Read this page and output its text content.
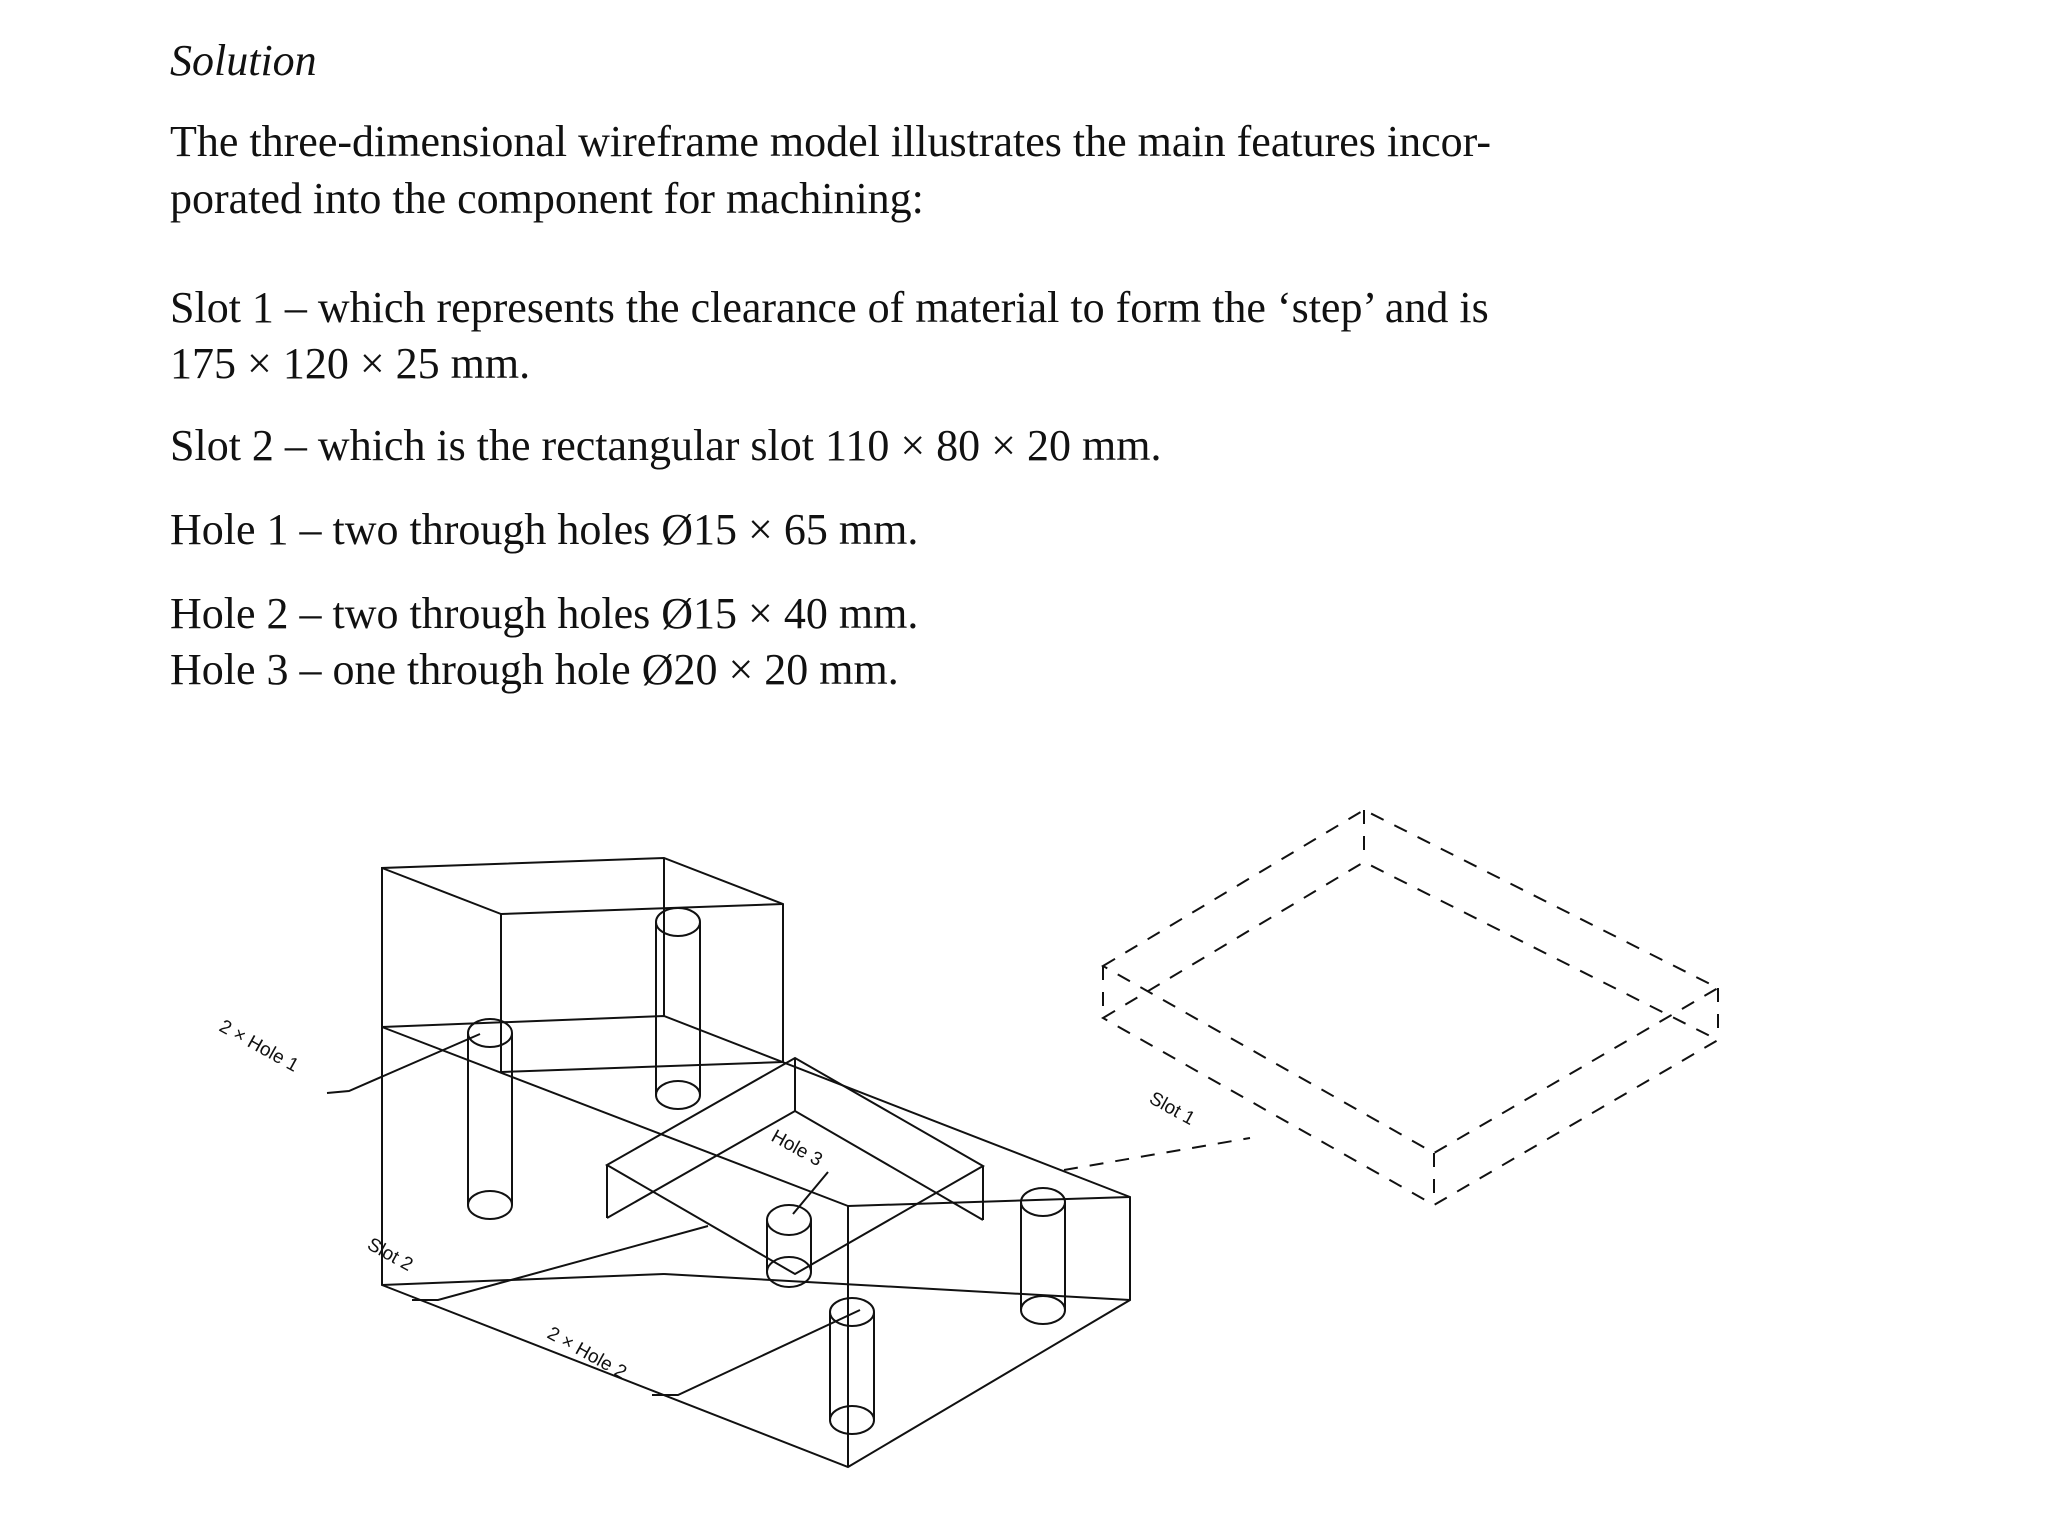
Solution
The three-dimensional wireframe model illustrates the main features incor- porated into the component for machining:
Slot 1 – which represents the clearance of material to form the ‘step’ and is
175 × 120 × 25 mm.
Slot 2 – which is the rectangular slot 110 × 80 × 20 mm.
Hole 1 – two through holes Ø15 × 65 mm.
Hole 2 – two through holes Ø15 × 40 mm.
Hole 3 – one through hole Ø20 × 20 mm.
2 × Hole 1
Slot 2
2 × Hole 2
Hole 3
Slot 1
